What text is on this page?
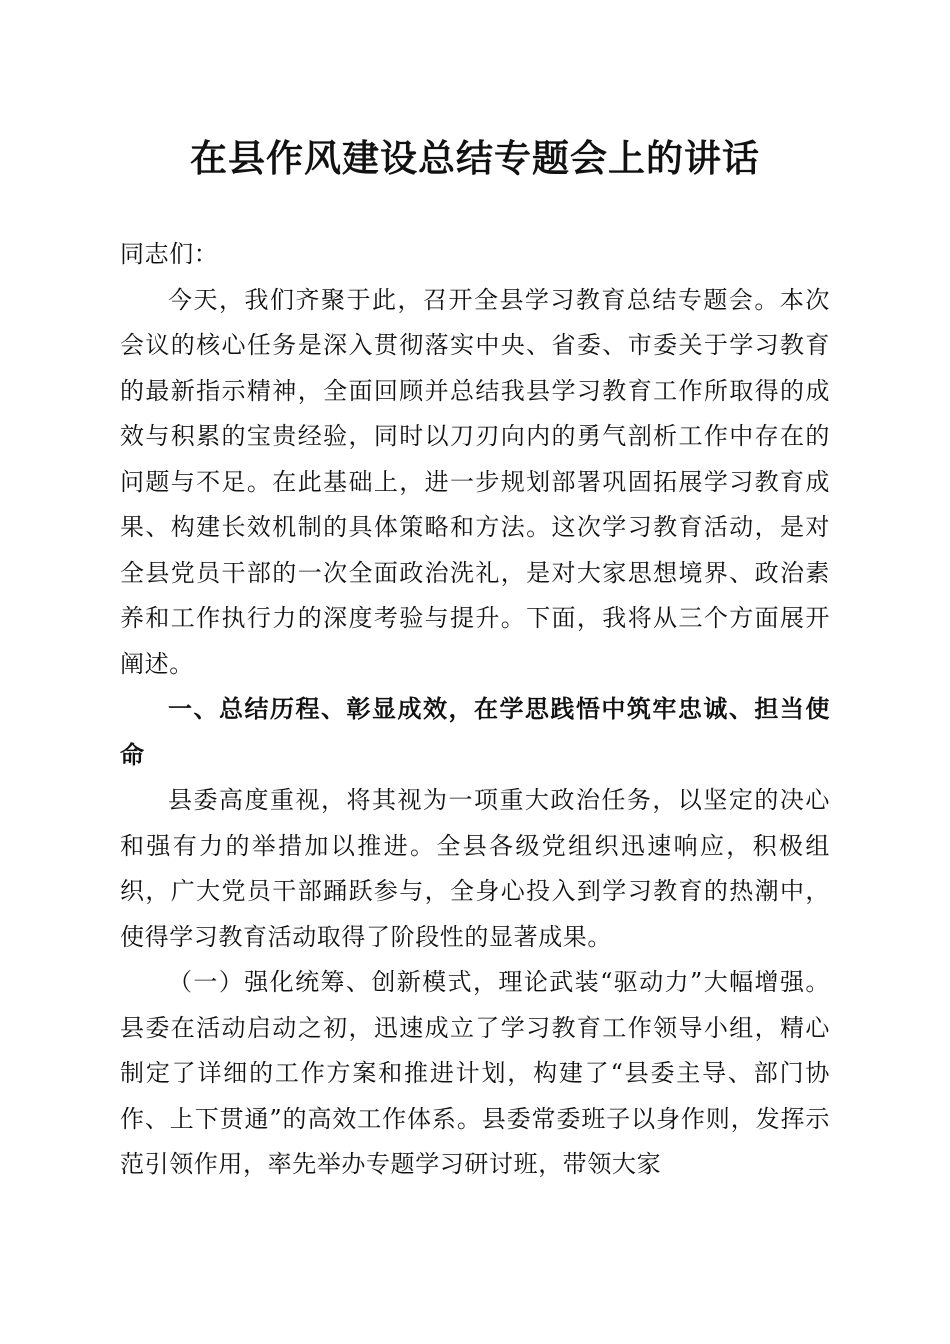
在县作风建设总结专题会上的讲话

同志们：

今天，我们齐聚于此，召开全县学习教育总结专题会。本次会议的核心任务是深入贯彻落实中央、省委、市委关于学习教育的最新指示精神，全面回顾并总结我县学习教育工作所取得的成效与积累的宝贵经验，同时以刀刃向内的勇气剖析工作中存在的问题与不足。在此基础上，进一步规划部署巩固拓展学习教育成果、构建长效机制的具体策略和方法。这次学习教育活动，是对全县党员干部的一次全面政治洗礼，是对大家思想境界、政治素养和工作执行力的深度考验与提升。下面，我将从三个方面展开阐述。

一、总结历程、彰显成效，在学思践悟中筑牢忠诚、担当使命

县委高度重视，将其视为一项重大政治任务，以坚定的决心和强有力的举措加以推进。全县各级党组织迅速响应，积极组织，广大党员干部踊跃参与，全身心投入到学习教育的热潮中，使得学习教育活动取得了阶段性的显著成果。

（一）强化统筹、创新模式，理论武装“驱动力”大幅增强。县委在活动启动之初，迅速成立了学习教育工作领导小组，精心制定了详细的工作方案和推进计划，构建了“县委主导、部门协作、上下贯通”的高效工作体系。县委常委班子以身作则，发挥示范引领作用，率先举办专题学习研讨班，带领大家
